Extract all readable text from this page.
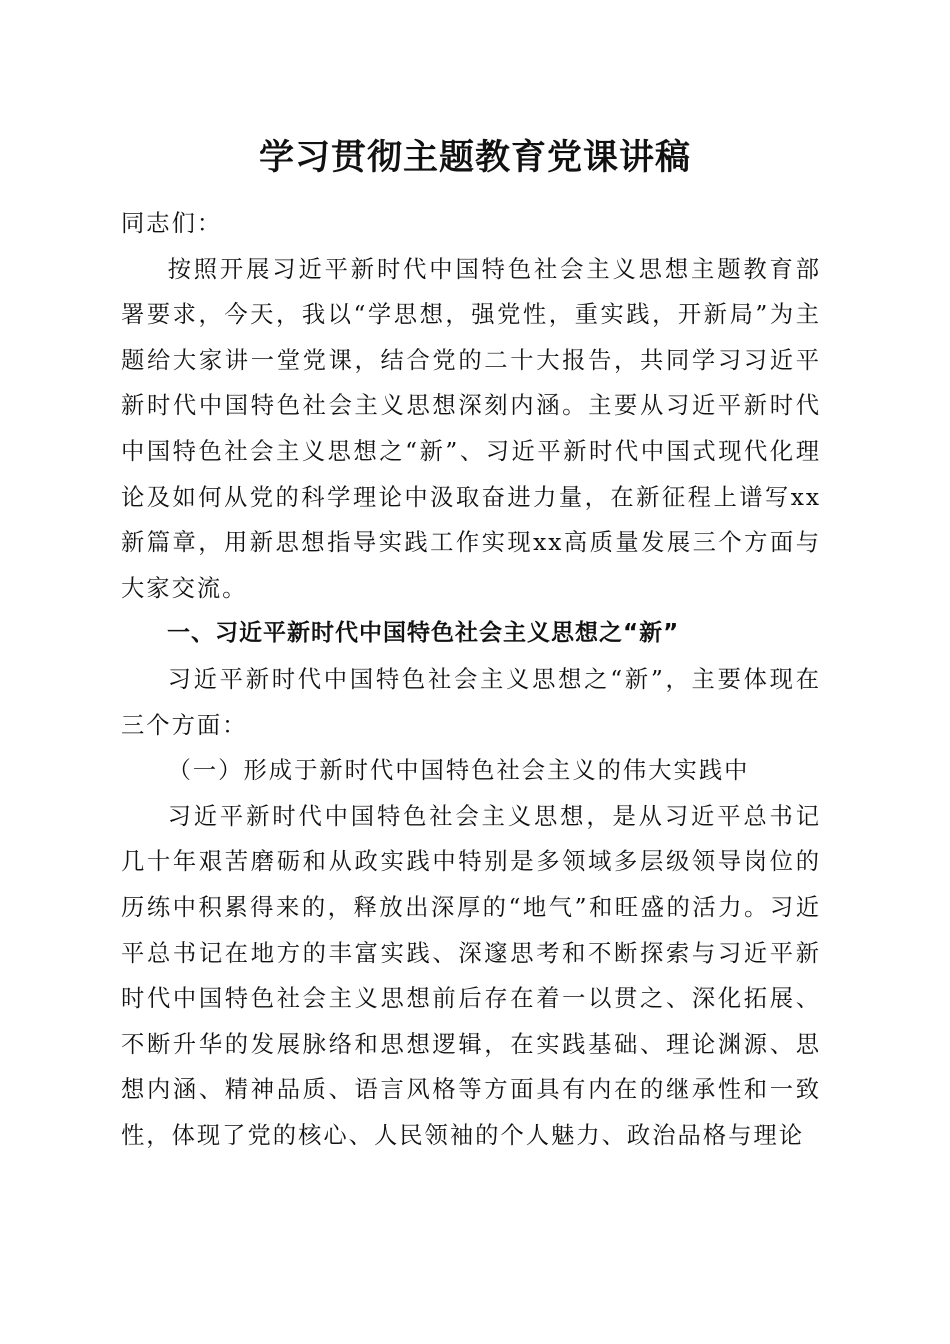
学习贯彻主题教育党课讲稿

同志们：

按照开展习近平新时代中国特色社会主义思想主题教育部署要求，今天，我以“学思想，强党性，重实践，开新局”为主题给大家讲一堂党课，结合党的二十大报告，共同学习习近平新时代中国特色社会主义思想深刻内涵。主要从习近平新时代中国特色社会主义思想之“新”、习近平新时代中国式现代化理论及如何从党的科学理论中汲取奋进力量，在新征程上谱写xx新篇章，用新思想指导实践工作实现xx高质量发展三个方面与大家交流。

一、习近平新时代中国特色社会主义思想之“新”

习近平新时代中国特色社会主义思想之“新”，主要体现在三个方面：

（一）形成于新时代中国特色社会主义的伟大实践中

习近平新时代中国特色社会主义思想，是从习近平总书记几十年艰苦磨砺和从政实践中特别是多领域多层级领导岗位的历练中积累得来的，释放出深厚的“地气”和旺盛的活力。习近平总书记在地方的丰富实践、深邃思考和不断探索与习近平新时代中国特色社会主义思想前后存在着一以贯之、深化拓展、不断升华的发展脉络和思想逻辑，在实践基础、理论渊源、思想内涵、精神品质、语言风格等方面具有内在的继承性和一致性，体现了党的核心、人民领袖的个人魅力、政治品格与理论
